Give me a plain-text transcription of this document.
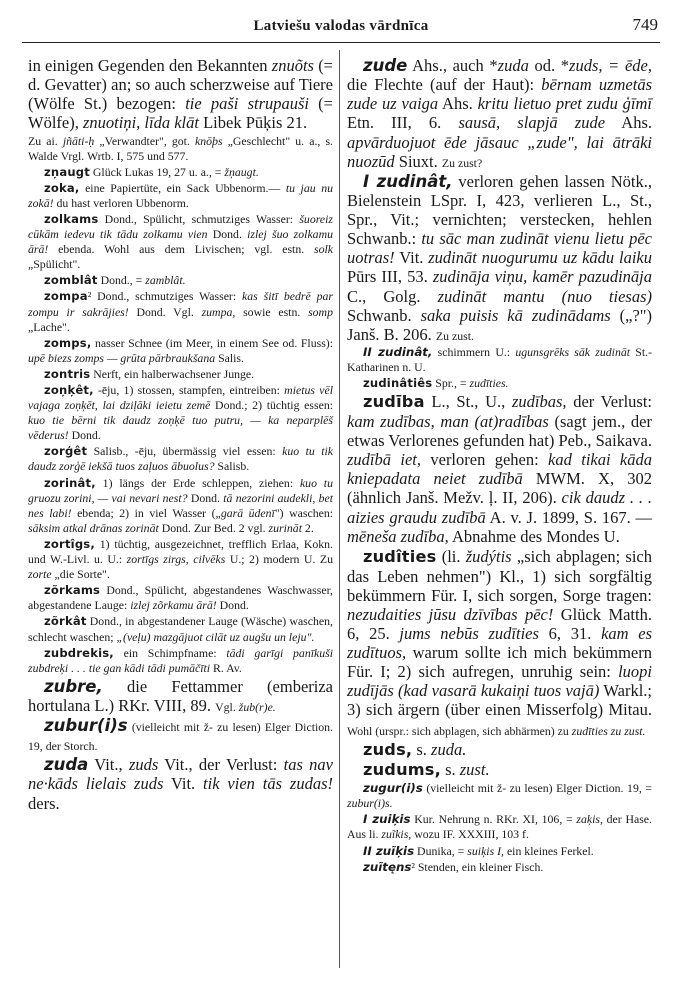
Latviešu valodas vārdnīca	749

in einigen Gegenden den Bekannten znuõts (= d. Gevatter) an; so auch scherzweise auf Tiere (Wölfe St.) bezogen: tie paši strupauši (= Wölfe), znuotiņi, līda klāt Libek Pūķis 21.

Zu ai. jñāti-ḥ „Verwandter", got. knōþs „Geschlecht" u. a., s. Walde Vrgl. Wrtb. I, 575 und 577.

zņaugt Glück Lukas 19, 27 u. a., = žņaugt.

zoka, eine Papiertüte, ein Sack Ubbenorm.— tu jau nu zokā! du hast verloren Ubbenorm.

zolkams Dond., Spülicht, schmutziges Wasser: šuoreiz cūkām iedevu tik tādu zolkamu vien Dond. izlej šuo zolkamu ārā! ebenda. Wohl aus dem Livischen; vgl. estn. solk „Spülicht".

zomblât Dond., = zamblât.

zompa² Dond., schmutziges Wasser: kas šitī bedrē par zompu ir sakrājies! Dond. Vgl. zumpa, sowie estn. somp „Lache".

zomps, nasser Schnee (im Meer, in einem See od. Fluss): upē biezs zomps — grūta pārbraukšana Salis.

zontris Nerft, ein halberwachsener Junge.

zoņķêt, -ēju, 1) stossen, stampfen, eintreiben: mietus vēl vajaga zoņķēt, lai dziļāki ieietu zemē Dond.; 2) tüchtig essen: kuo tie bērni tik daudz zoņķē tuo putru, — ka neparplēš vēderus! Dond.

zorģêt Salisb., -ēju, übermässig viel essen: kuo tu tik daudz zorģē iekšā tuos zaļuos ābuolus? Salisb.

zorinât, 1) längs der Erde schleppen, ziehen: kuo tu gruozu zorini, — vai nevari nest? Dond. tā nezorini audekli, bet nes labi! ebenda; 2) in viel Wasser („garā ūdenī") waschen: sāksim atkal drānas zorināt Dond. Zur Bed. 2 vgl. zurināt 2.

zortîgs, 1) tüchtig, ausgezeichnet, trefflich Erlaa, Kokn. und W.-Livl. u. U.: zortīgs zirgs, cilvēks U.; 2) modern U. Zu zorte „die Sorte".

zõrkams Dond., Spülicht, abgestandenes Waschwasser, abgestandene Lauge: izlej zõrkamu ārā! Dond.

zõrkât Dond., in abgestandener Lauge (Wäsche) waschen, schlecht waschen; „(veļu) mazgājuot cilāt uz augšu un leju".

zubdrekis, ein Schimpfname: tādi garīgi panīkuši zubdreķi . . . tie gan kādi tādi pumāčīti R. Av.

zubre, die Fettammer (emberiza hortulana L.) RKr. VIII, 89. Vgl. žub(r)e.

zubur(i)s (vielleicht mit ž- zu lesen) Elger Diction. 19, der Storch.

zuda Vit., zuds Vit., der Verlust: tas nav ne·kāds lielais zuds Vit. tik vien tās zudas! ders.

zude Ahs., auch *zuda od. *zuds, = ēde, die Flechte (auf der Haut): bērnam uzmetās zude uz vaiga Ahs. kritu lietuo pret zudu ģīmī Etn. III, 6. sausā, slapjā zude Ahs. apvārduojuot ēde jāsauc „zude", lai ātrāki nuozūd Siuxt. Zu zust?

I zudinât, verloren gehen lassen Nötk., Bielenstein LSpr. I, 423, verlieren L., St., Spr., Vit.; vernichten; verstecken, hehlen Schwanb.: tu sāc man zudināt vienu lietu pēc uotras! Vit. zudināt nuogurumu uz kādu laiku Pūrs III, 53. zudināja viņu, kamēr pazudināja C., Golg. zudināt mantu (nuo tiesas) Schwanb. saka puisis kā zudinādams („?") Janš. B. 206. Zu zust.

II zudinât, schimmern U.: ugunsgrēks sāk zudināt St.-Katharinen n. U.

zudinâtiês Spr., = zudīties.

zudība L., St., U., zudības, der Verlust: kam zudības, man (at)radības (sagt jem., der etwas Verlorenes gefunden hat) Peb., Saikava. zudībā iet, verloren gehen: kad tikai kāda kniepadata neiet zudībā MWM. X, 302 (ähnlich Janš. Mežv. ļ. II, 206). cik daudz . . . aizies graudu zudībā A. v. J. 1899, S. 167. — mēneša zudība, Abnahme des Mondes U.

zudîties (li. žudýtis „sich abplagen; sich das Leben nehmen") Kl., 1) sich sorgfältig bekümmern Für. I, sich sorgen, Sorge tragen: nezudaities jūsu dzīvības pēc! Glück Matth. 6, 25. jums nebūs zudīties 6, 31. kam es zudītuos, warum sollte ich mich bekümmern Für. I; 2) sich aufregen, unruhig sein: luopi zudījās (kad vasarā kukaiņi tuos vajā) Warkl.; 3) sich ärgern (über einen Misserfolg) Mitau. Wohl (urspr.: sich abplagen, sich abhärmen) zu zudīties zu zust.

zuds, s. zuda.

zudums, s. zust.

zugur(i)s (vielleicht mit ž- zu lesen) Elger Diction. 19, = zubur(i)s.

I zuiķis Kur. Nehrung n. RKr. XI, 106, = zaķis, der Hase. Aus li. zuĩkis, wozu IF. XXXIII, 103 f.

II zuĩķis Dunika, = suiķis I, ein kleines Ferkel.

zuĩtęns² Stenden, ein kleiner Fisch.
